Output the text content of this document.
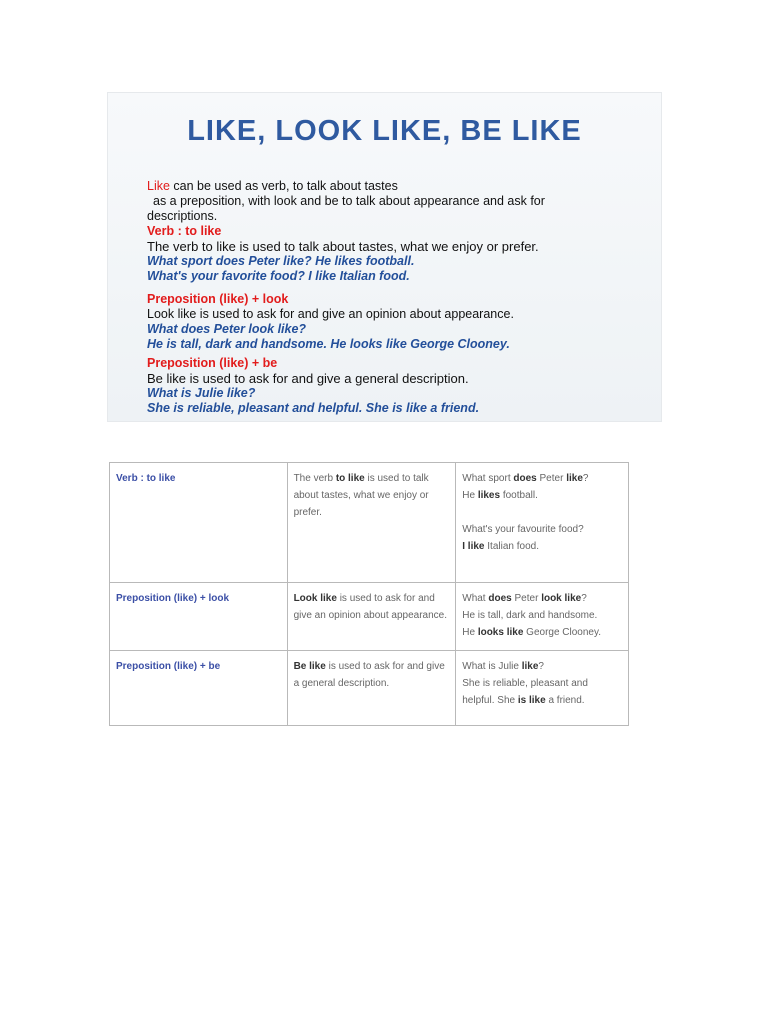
LIKE, LOOK LIKE, BE LIKE
Like can be used as verb, to talk about tastes
as a preposition, with look and be to talk about appearance and ask for
descriptions.
Verb : to like
The verb to like is used to talk about tastes, what we enjoy or prefer.
What sport does Peter like? He likes football.
What's your favorite food? I like Italian food.
Preposition (like) + look
Look like is used to ask for and give an opinion about appearance.
What does Peter look like?
He is tall, dark and handsome. He looks like George Clooney.
Preposition (like) + be
Be like is used to ask for and give a general description.
What is Julie like?
She is reliable, pleasant and helpful. She is like a friend.
Verb : to like	The verb to like is used to talk about tastes, what we enjoy or prefer.	What sport does Peter like?
He likes football.
What's your favourite food?
I like Italian food.

Preposition (like) + look	Look like is used to ask for and give an opinion about appearance.	What does Peter look like?
He is tall, dark and handsome.
He looks like George Clooney.

Preposition (like) + be	Be like is used to ask for and give a general description.	What is Julie like?
She is reliable, pleasant and
helpful. She is like a friend.
